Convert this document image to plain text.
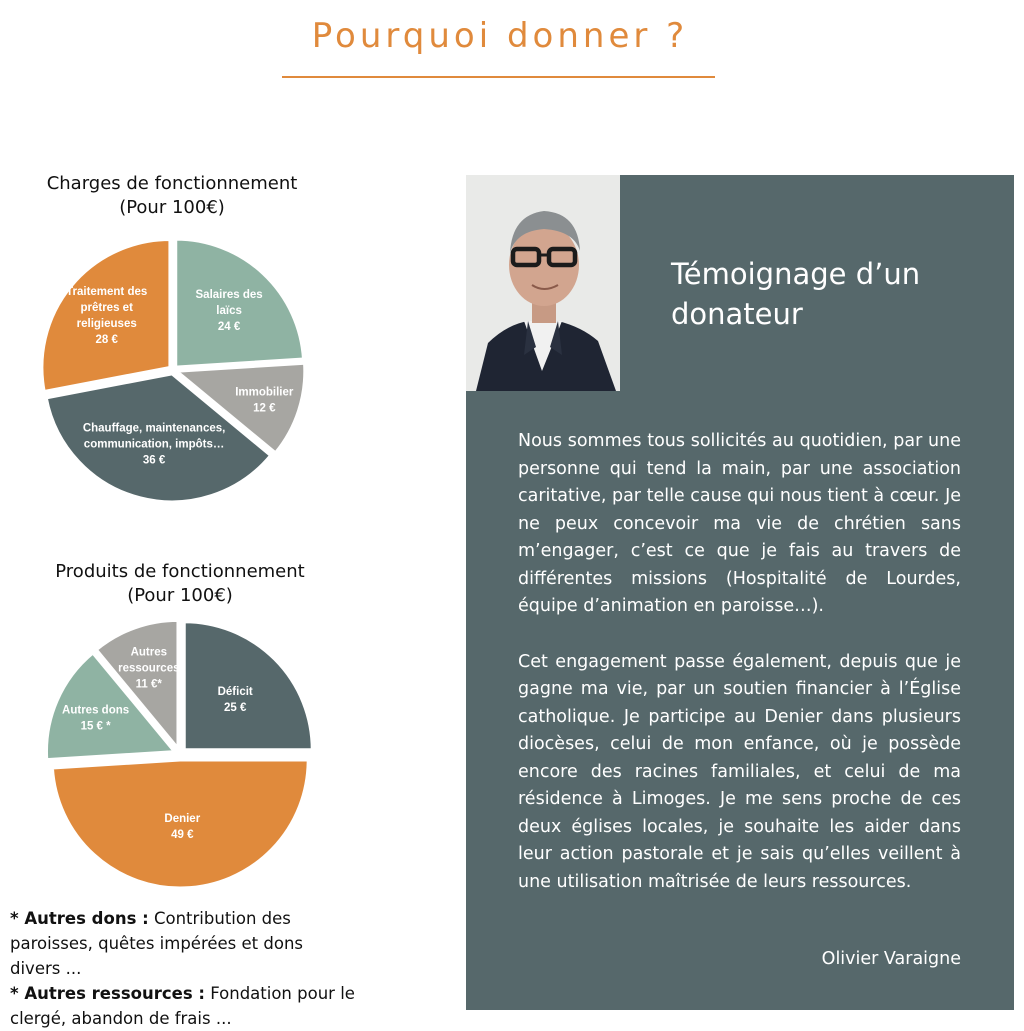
Pourquoi donner ?
Charges de fonctionnement
(Pour 100€)
Salaires des laïcs 24 €
Immobilier 12 €
Chauffage, maintenances, communication, impôts… 36 €
Traitement des prêtres et religieuses 28 €
Produits de fonctionnement
(Pour 100€)
Déficit 25 €
Denier 49 €
Autres dons 15 € *
Autres ressources 11 €*

* Autres dons : Contribution des paroisses, quêtes impérées et dons divers ...

* Autres ressources : Fondation pour le clergé, abandon de frais ...

Témoignage d’un donateur

Nous sommes tous sollicités au quotidien, par une personne qui tend la main, par une association caritative, par telle cause qui nous tient à cœur. Je ne peux concevoir ma vie de chrétien sans m’engager, c’est ce que je fais au travers de différentes missions (Hospitalité de Lourdes, équipe d’animation en paroisse…).

Cet engagement passe également, depuis que je gagne ma vie, par un soutien financier à l’Église catholique. Je participe au Denier dans plusieurs diocèses, celui de mon enfance, où je possède encore des racines familiales, et celui de ma résidence à Limoges. Je me sens proche de ces deux églises locales, je souhaite les aider dans leur action pastorale et je sais qu’elles veillent à une utilisation maîtrisée de leurs ressources.

Olivier Varaigne
